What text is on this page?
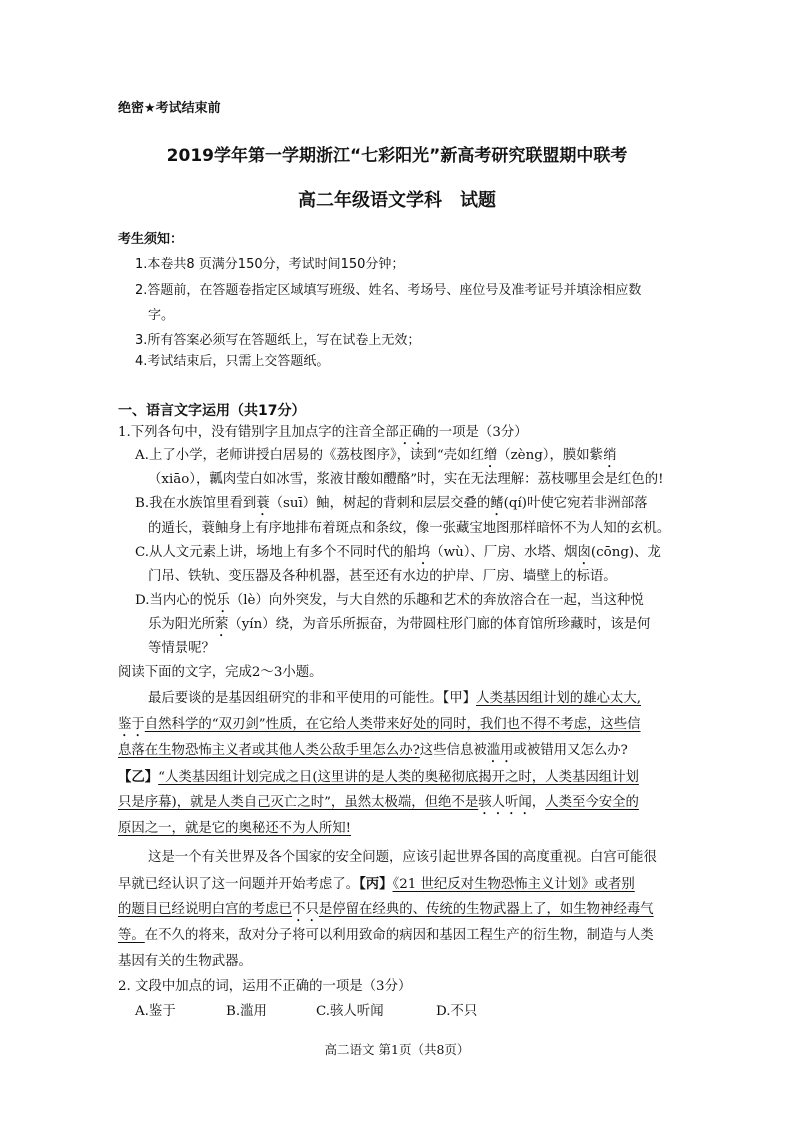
绝密★考试结束前
2019学年第一学期浙江“七彩阳光”新高考研究联盟期中联考
高二年级语文学科　试题
考生须知：
1.本卷共8 页满分150分，考试时间150分钟；
2.答题前，在答题卷指定区域填写班级、姓名、考场号、座位号及准考证号并填涂相应数
字。
3.所有答案必须写在答题纸上，写在试卷上无效；
4.考试结束后，只需上交答题纸。
一、语言文字运用（共17分）
1.下列各句中，没有错别字且加点字的注音全部正确的一项是（3分）
A.上了小学，老师讲授白居易的《荔枝图序》，读到“壳如红缯（zèng），膜如紫绡
（xiāo），瓤肉莹白如冰雪，浆液甘酸如醴酪”时，实在无法理解：荔枝哪里会是红色的!
B.我在水族馆里看到蓑（suī）鲉，树起的背刺和层层交叠的鳍(qí)叶使它宛若非洲部落
的遁长，蓑鲉身上有序地排布着斑点和条纹，像一张藏宝地图那样暗怀不为人知的玄机。
C.从人文元素上讲，场地上有多个不同时代的船坞（wù）、厂房、水塔、烟囱(cōng)、龙
门吊、铁轨、变压器及各种机器，甚至还有水边的护岸、厂房、墙壁上的标语。
D.当内心的悦乐（lè）向外突发，与大自然的乐趣和艺术的奔放溶合在一起，当这种悦
乐为阳光所萦（yín）绕，为音乐所振奋，为带圆柱形门廊的体育馆所珍藏时，该是何
等情景呢？
阅读下面的文字，完成2～3小题。
最后要谈的是基因组研究的非和平使用的可能性。【甲】人类基因组计划的雄心太大,
鉴于自然科学的“双刃剑”性质，在它给人类带来好处的同时，我们也不得不考虑，这些信
息落在生物恐怖主义者或其他人类公敌手里怎么办?这些信息被滥用或被错用又怎么办?
【乙】“人类基因组计划完成之日(这里讲的是人类的奥秘彻底揭开之时，人类基因组计划
只是序幕)，就是人类自己灭亡之时”，虽然太极端，但绝不是骇人听闻，人类至今安全的
原因之一，就是它的奥秘还不为人所知!
这是一个有关世界及各个国家的安全问题，应该引起世界各国的高度重视。白宫可能很
早就已经认识了这一问题并开始考虑了。【丙】《21 世纪反对生物恐怖主义计划》或者别
的题目已经说明白宫的考虑已不只是停留在经典的、传统的生物武器上了，如生物神经毒气
等。在不久的将来，敌对分子将可以利用致命的病因和基因工程生产的衍生物，制造与人类
基因有关的生物武器。
2. 文段中加点的词，运用不正确的一项是（3分）
A.鉴于	B.滥用	C.骇人听闻	D.不只
高二语文 第1页（共8页）
